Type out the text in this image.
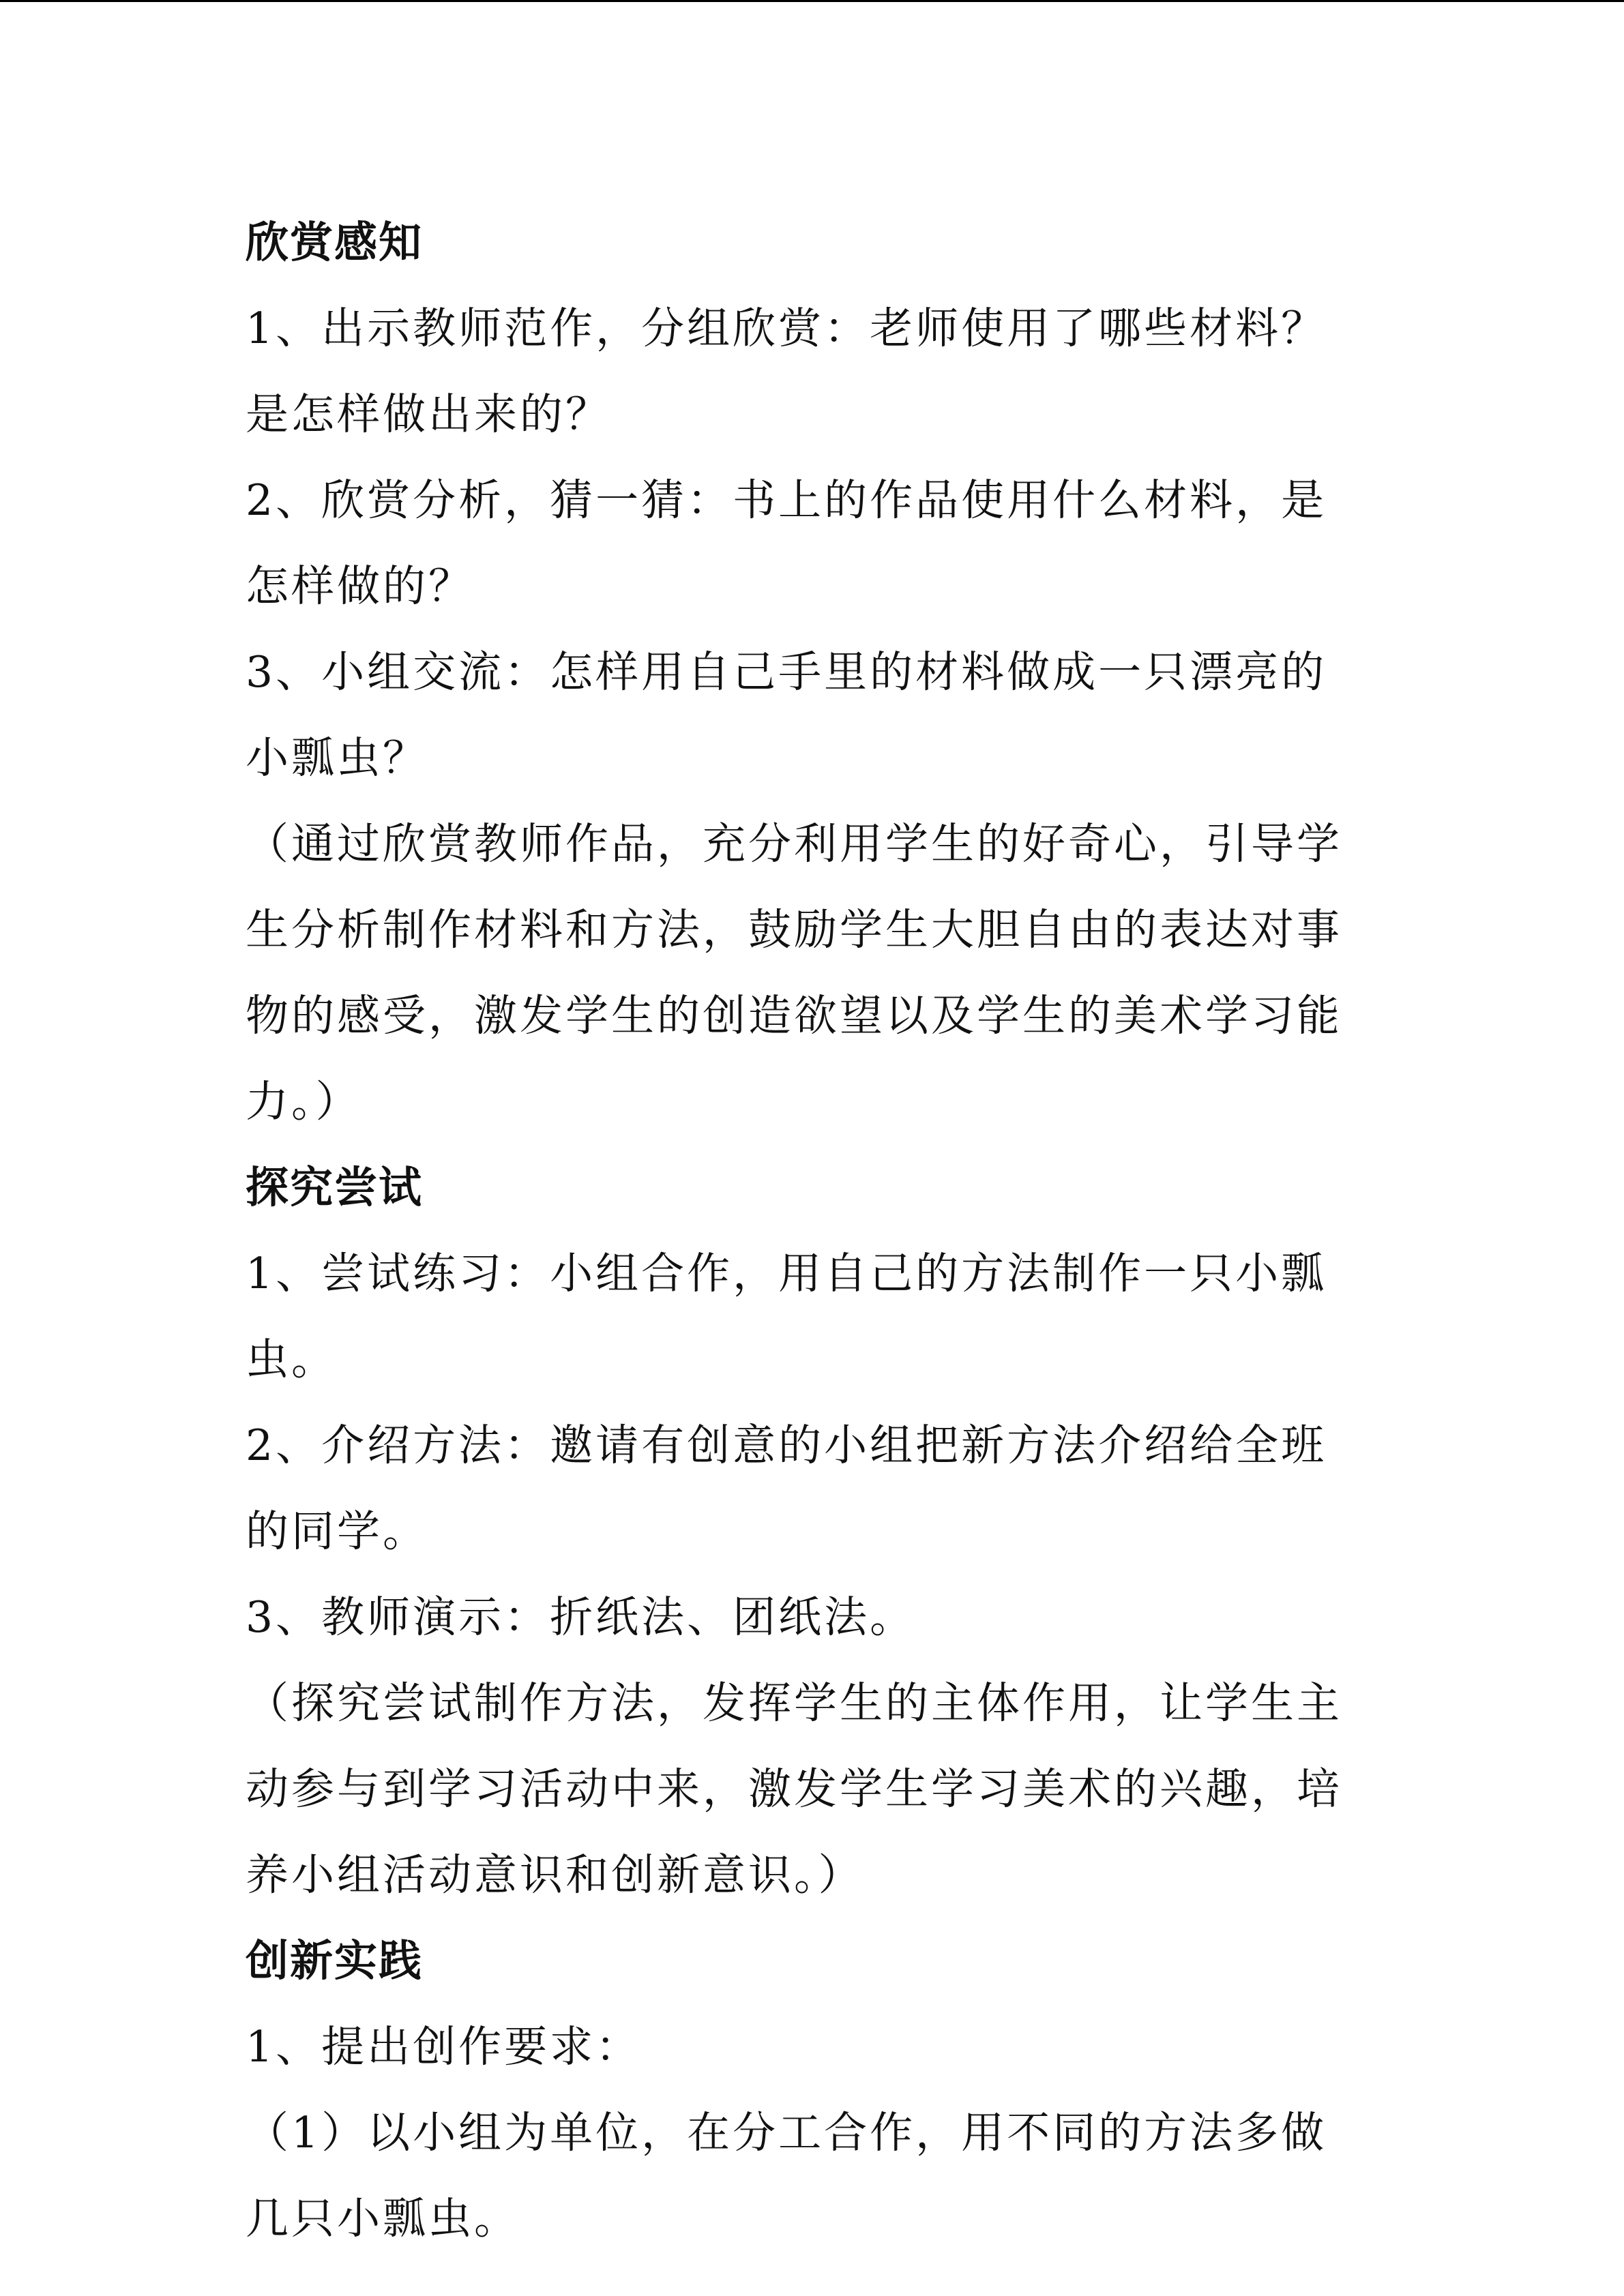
欣赏感知

1、出示教师范作，分组欣赏：老师使用了哪些材料？是怎样做出来的？

2、欣赏分析，猜一猜：书上的作品使用什么材料，是怎样做的？

3、小组交流：怎样用自己手里的材料做成一只漂亮的小瓢虫？

（通过欣赏教师作品，充分利用学生的好奇心，引导学生分析制作材料和方法，鼓励学生大胆自由的表达对事物的感受，激发学生的创造欲望以及学生的美术学习能力。）

探究尝试

1、尝试练习：小组合作，用自己的方法制作一只小瓢虫。

2、介绍方法：邀请有创意的小组把新方法介绍给全班的同学。

3、教师演示：折纸法、团纸法。

（探究尝试制作方法，发挥学生的主体作用，让学生主动参与到学习活动中来，激发学生学习美术的兴趣，培养小组活动意识和创新意识。）

创新实践

1、提出创作要求：

（1）以小组为单位，在分工合作，用不同的方法多做几只小瓢虫。
